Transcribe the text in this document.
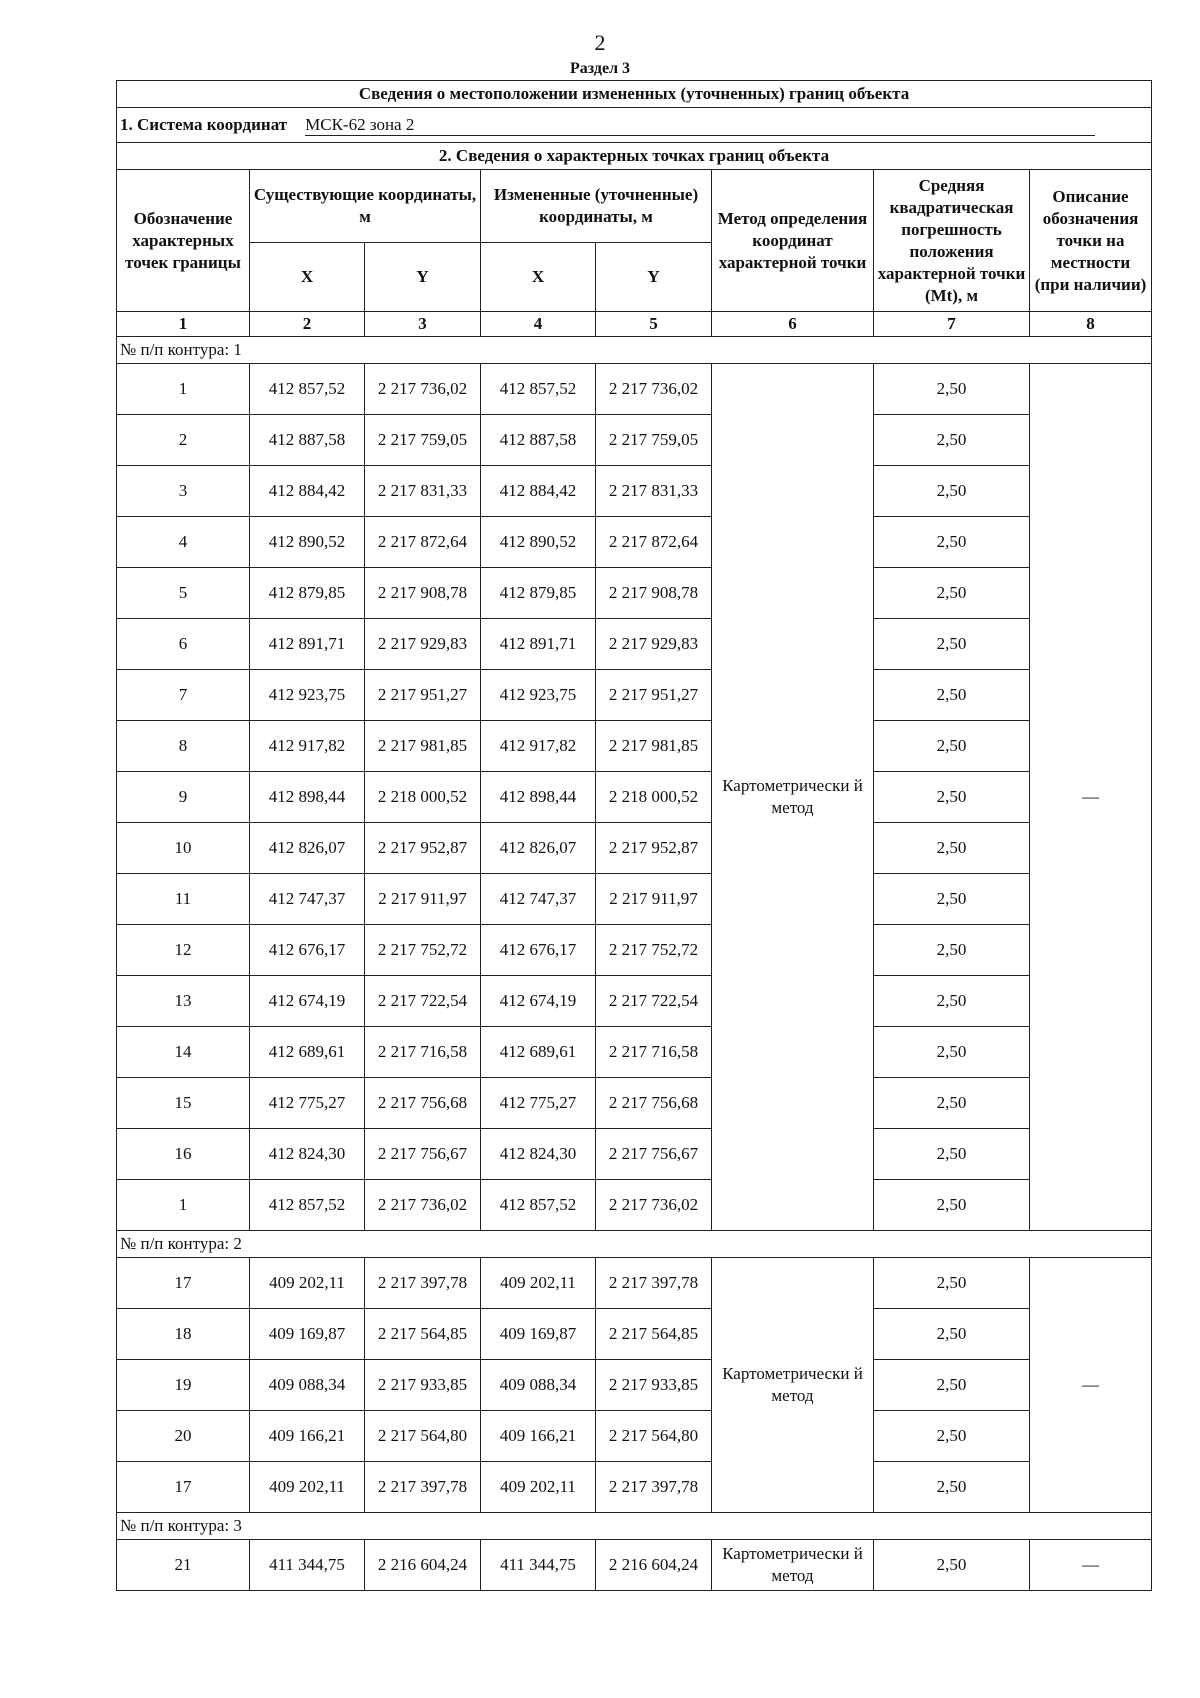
2
Раздел 3
Сведения о местоположении измененных (уточненных) границ объекта							
1. Система координат МСК-62 зона 2							
2. Сведения о характерных точках границ объекта							
Обозначение характерных точек границы	Существующие координаты, м		Измененные (уточненные) координаты, м		Метод определения координат характерной точки	Средняя квадратическая погрешность положения характерной точки (Mt), м	Описание обозначения точки на местности (при наличии)
	X	Y	X	Y			
1	2	3	4	5	6	7	8
№ п/п контура: 1							
1	412 857,52	2 217 736,02	412 857,52	2 217 736,02	Картометрически й метод	2,50	—
2	412 887,58	2 217 759,05	412 887,58	2 217 759,05		2,50	
3	412 884,42	2 217 831,33	412 884,42	2 217 831,33		2,50	
4	412 890,52	2 217 872,64	412 890,52	2 217 872,64		2,50	
5	412 879,85	2 217 908,78	412 879,85	2 217 908,78		2,50	
6	412 891,71	2 217 929,83	412 891,71	2 217 929,83		2,50	
7	412 923,75	2 217 951,27	412 923,75	2 217 951,27		2,50	
8	412 917,82	2 217 981,85	412 917,82	2 217 981,85		2,50	
9	412 898,44	2 218 000,52	412 898,44	2 218 000,52		2,50	
10	412 826,07	2 217 952,87	412 826,07	2 217 952,87		2,50	
11	412 747,37	2 217 911,97	412 747,37	2 217 911,97		2,50	
12	412 676,17	2 217 752,72	412 676,17	2 217 752,72		2,50	
13	412 674,19	2 217 722,54	412 674,19	2 217 722,54		2,50	
14	412 689,61	2 217 716,58	412 689,61	2 217 716,58		2,50	
15	412 775,27	2 217 756,68	412 775,27	2 217 756,68		2,50	
16	412 824,30	2 217 756,67	412 824,30	2 217 756,67		2,50	
1	412 857,52	2 217 736,02	412 857,52	2 217 736,02		2,50	
№ п/п контура: 2							
17	409 202,11	2 217 397,78	409 202,11	2 217 397,78	Картометрически й метод	2,50	—
18	409 169,87	2 217 564,85	409 169,87	2 217 564,85		2,50	
19	409 088,34	2 217 933,85	409 088,34	2 217 933,85		2,50	
20	409 166,21	2 217 564,80	409 166,21	2 217 564,80		2,50	
17	409 202,11	2 217 397,78	409 202,11	2 217 397,78		2,50	
№ п/п контура: 3							
21	411 344,75	2 216 604,24	411 344,75	2 216 604,24	Картометрически й метод	2,50	—
